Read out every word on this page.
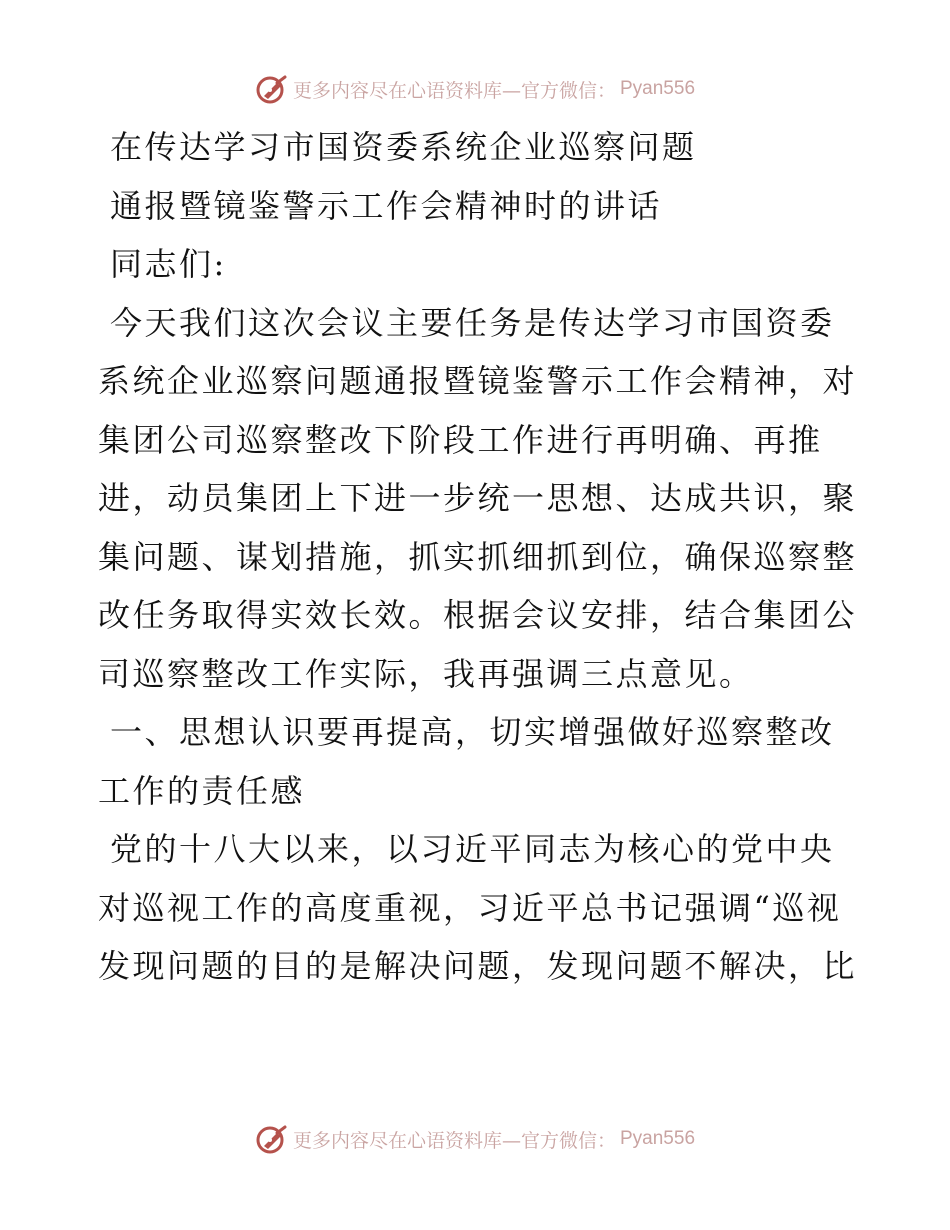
更多内容尽在心语资料库—官方微信： Pyan556

在传达学习市国资委系统企业巡察问题

通报暨镜鉴警示工作会精神时的讲话

同志们:

今天我们这次会议主要任务是传达学习市国资委

系统企业巡察问题通报暨镜鉴警示工作会精神，对集团公司巡察整改下阶段工作进行再明确、再推进，动员集团上下进一步统一思想、达成共识，聚集问题、谋划措施，抓实抓细抓到位，确保巡察整改任务取得实效长效。根据会议安排，结合集团公司巡察整改工作实际，我再强调三点意见。

一、思想认识要再提高，切实增强做好巡察整改

工作的责任感

党的十八大以来，以习近平同志为核心的党中央

对巡视工作的高度重视，习近平总书记强调“巡视发现问题的目的是解决问题，发现问题不解决，比

更多内容尽在心语资料库—官方微信： Pyan556
